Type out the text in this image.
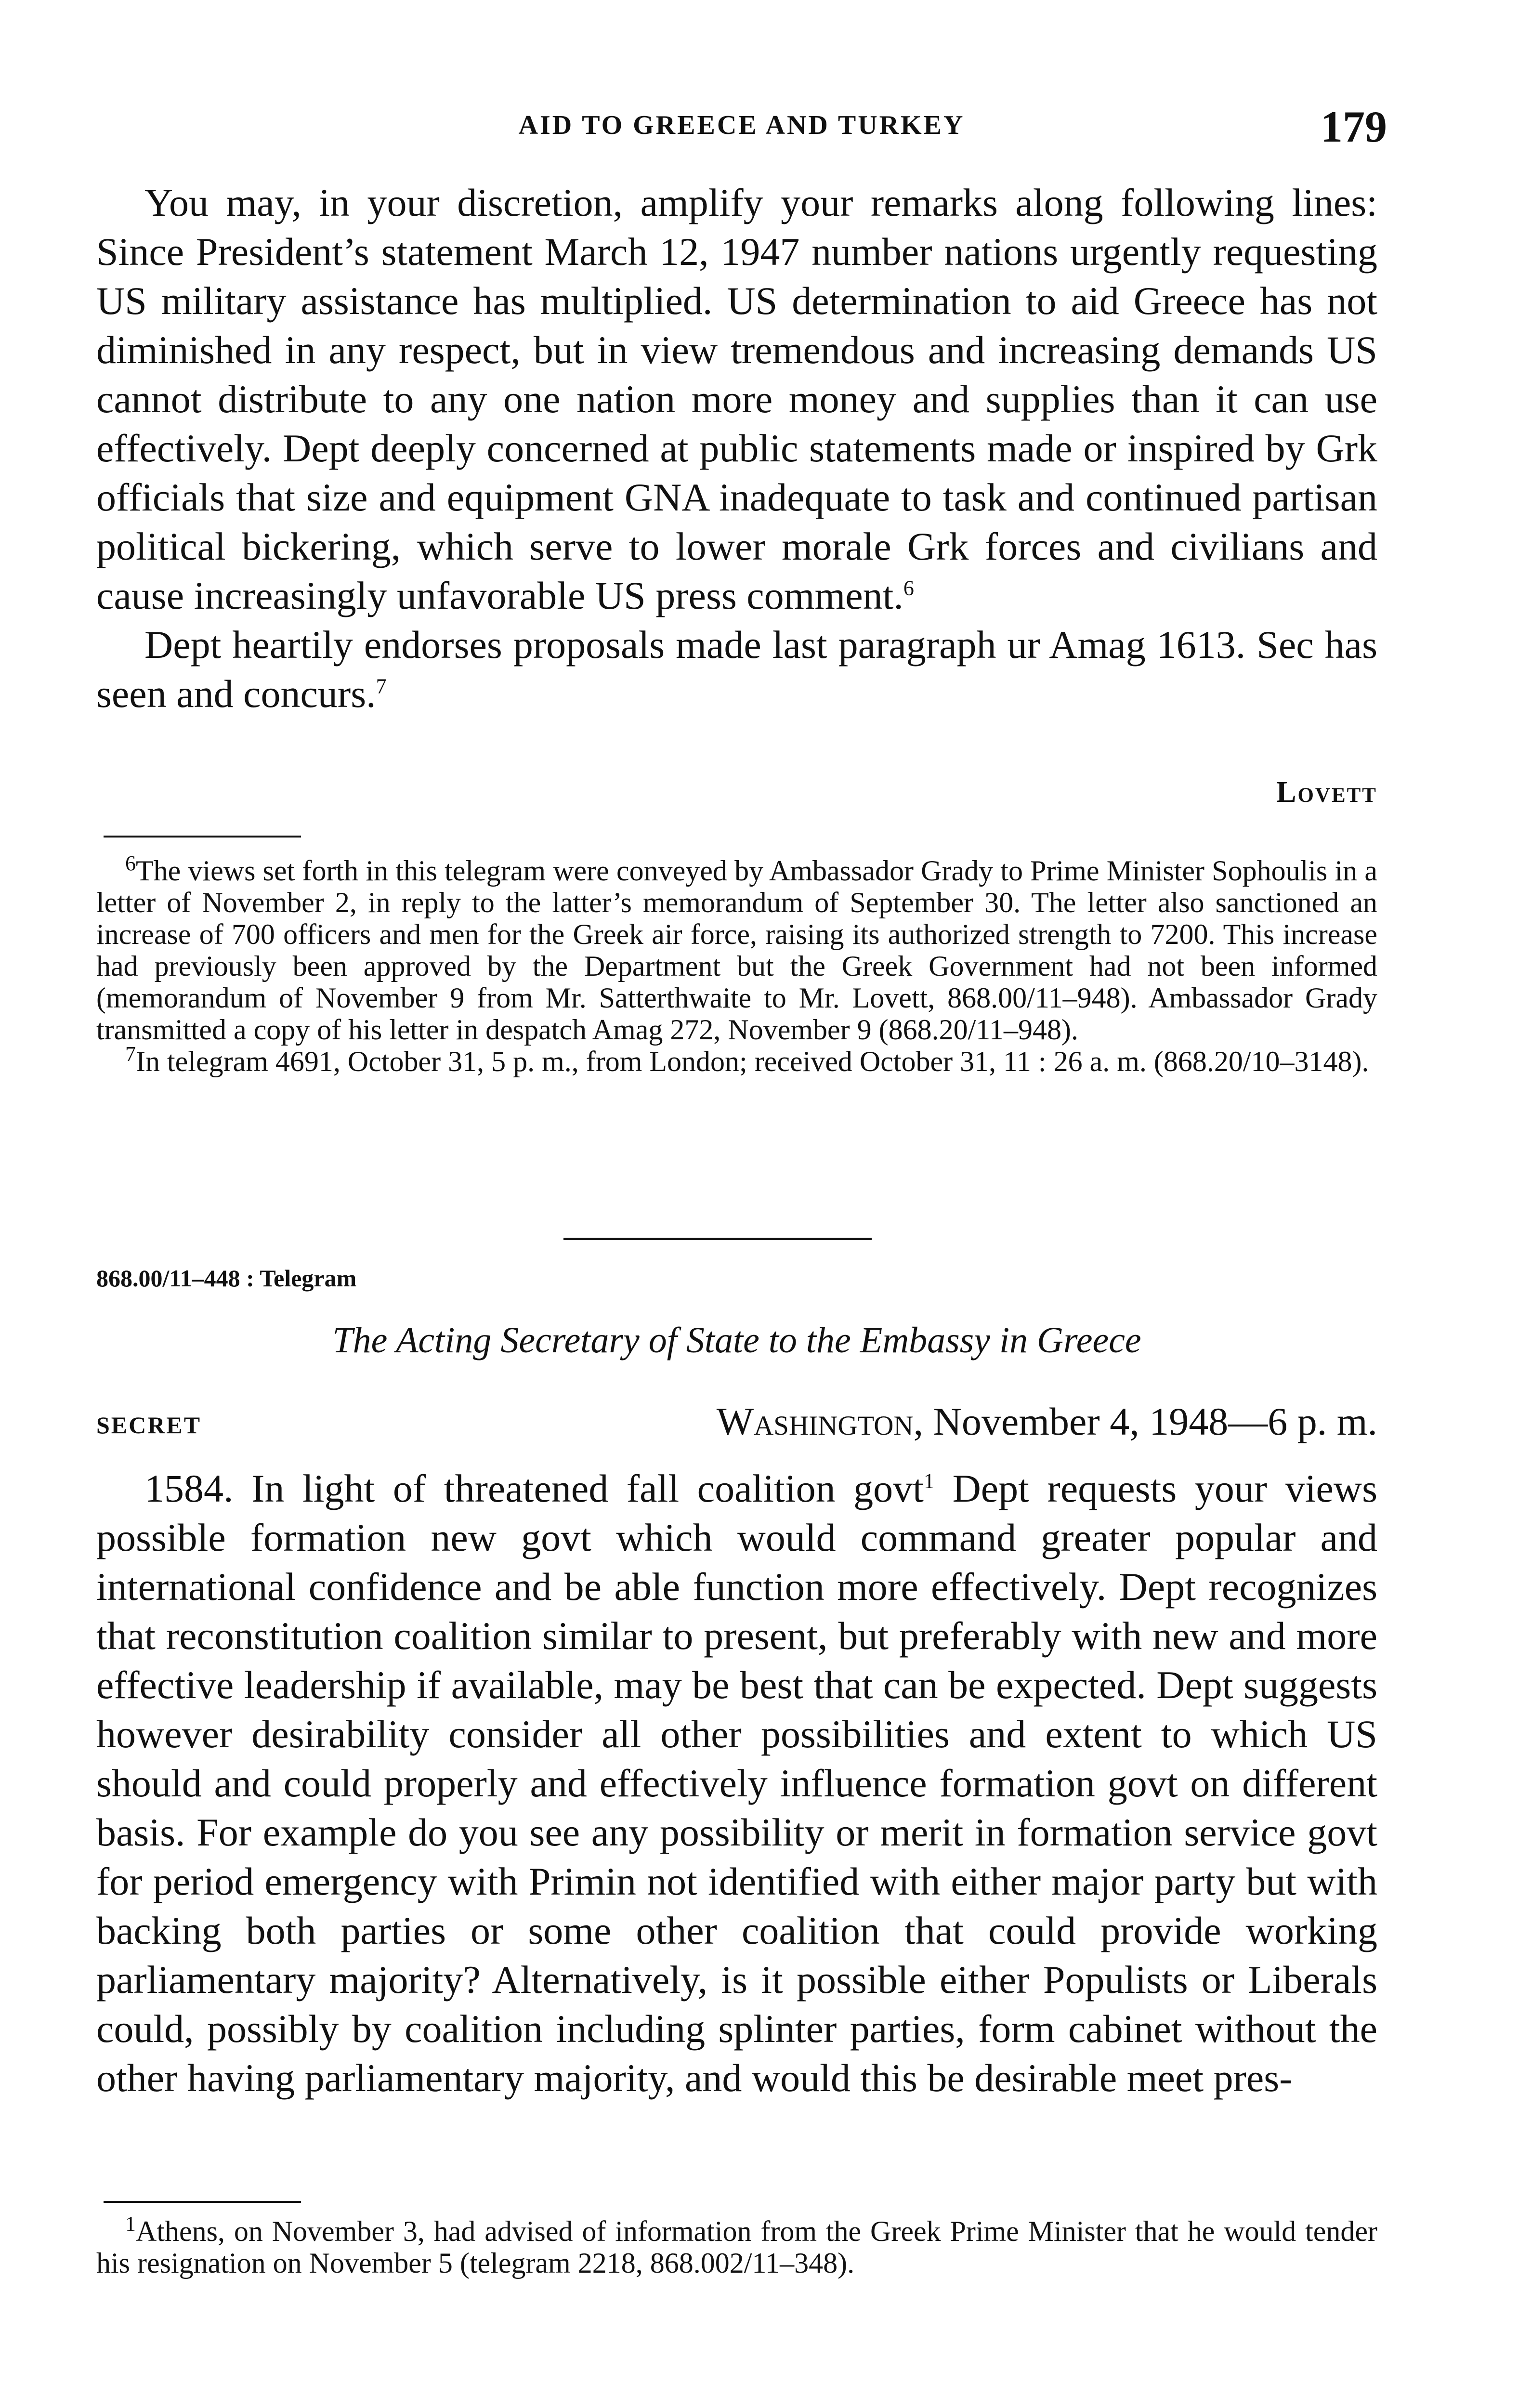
AID TO GREECE AND TURKEY	179

You may, in your discretion, amplify your remarks along following lines: Since President’s statement March 12, 1947 number nations urgently requesting US military assistance has multiplied. US determination to aid Greece has not diminished in any respect, but in view tremendous and increasing demands US cannot distribute to any one nation more money and supplies than it can use effectively. Dept deeply concerned at public statements made or inspired by Grk officials that size and equipment GNA inadequate to task and continued partisan political bickering, which serve to lower morale Grk forces and civilians and cause increasingly unfavorable US press comment.$^6$

Dept heartily endorses proposals made last paragraph ur Amag 1613. Sec has seen and concurs.$^7$

Lovett

$^6$The views set forth in this telegram were conveyed by Ambassador Grady to Prime Minister Sophoulis in a letter of November 2, in reply to the latter’s memorandum of September 30. The letter also sanctioned an increase of 700 officers and men for the Greek air force, raising its authorized strength to 7200. This increase had previously been approved by the Department but the Greek Government had not been informed (memorandum of November 9 from Mr. Satterthwaite to Mr. Lovett, 868.00/11–948). Ambassador Grady transmitted a copy of his letter in despatch Amag 272, November 9 (868.20/11–948).

$^7$In telegram 4691, October 31, 5 p. m., from London; received October 31, 11 : 26 a. m. (868.20/10–3148).

868.00/11–448 : Telegram
The Acting Secretary of State to the Embassy in Greece
SECRET	Washington, November 4, 1948—6 p. m.

1584. In light of threatened fall coalition govt$^1$ Dept requests your views possible formation new govt which would command greater popular and international confidence and be able function more effectively. Dept recognizes that reconstitution coalition similar to present, but preferably with new and more effective leadership if available, may be best that can be expected. Dept suggests however desirability consider all other possibilities and extent to which US should and could properly and effectively influence formation govt on different basis. For example do you see any possibility or merit in formation service govt for period emergency with Primin not identified with either major party but with backing both parties or some other coalition that could provide working parliamentary majority? Alternatively, is it possible either Populists or Liberals could, possibly by coalition including splinter parties, form cabinet without the other having parliamentary majority, and would this be desirable meet pres-

$^1$Athens, on November 3, had advised of information from the Greek Prime Minister that he would tender his resignation on November 5 (telegram 2218, 868.002/11–348).
